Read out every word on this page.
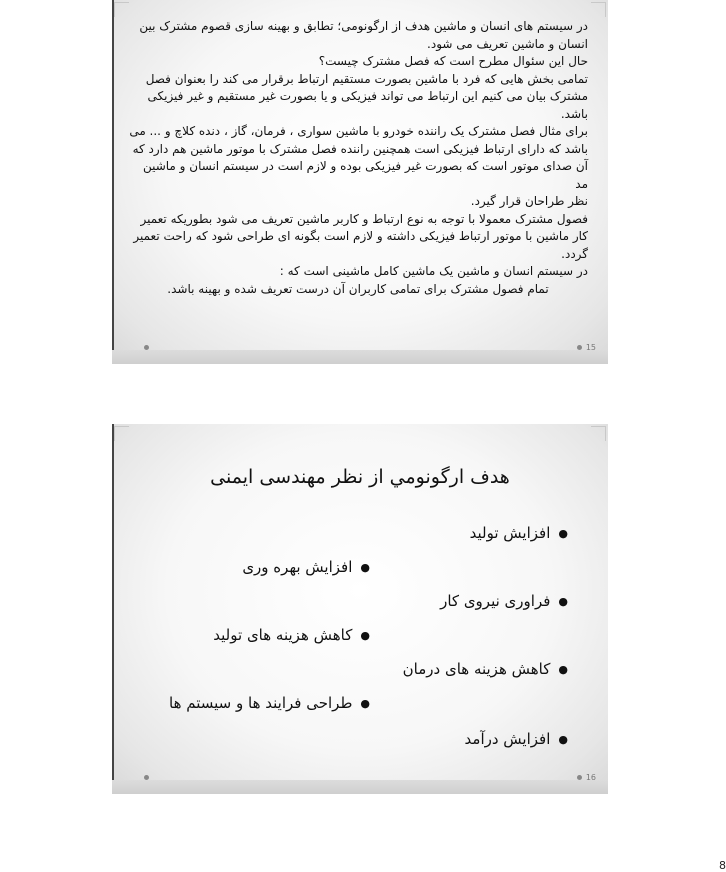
در سیستم های انسان و ماشین هدف از ارگونومی؛ تطابق و بهینه سازی قصوم مشترک بین

انسان و ماشین تعریف می شود.

حال این سئوال مطرح است که فصل مشترک چیست؟

تمامی بخش هایی که فرد با ماشین بصورت مستقیم ارتباط برقرار می کند را بعنوان فصل

مشترک بیان می کنیم این ارتباط می تواند فیزیکی و یا بصورت غیر مستقیم و غیر فیزیکی

باشد.

برای مثال فصل مشترک یک راننده خودرو با ماشین سواری ، فرمان، گاز ، دنده کلاچ و ... می

باشد که دارای ارتباط فیزیکی است همچنین راننده فصل مشترک با موتور ماشین هم دارد که

آن صدای موتور است که بصورت غیر فیزیکی بوده و لازم است در سیستم انسان و ماشین مد

نظر طراحان قرار گیرد.

فصول مشترک معمولا با توجه به نوع ارتباط و کاربر ماشین تعریف می شود بطوریکه تعمیر

کار ماشین با موتور ارتباط فیزیکی داشته و لازم است بگونه ای طراحی شود که راحت تعمیر

گردد.

در سیستم انسان و ماشین یک ماشین کامل ماشینی است که :

تمام فصول مشترک برای تمامی کاربران آن درست تعریف شده و بهینه باشد.

15
هدف ارگونومي از نظر مهندسی ایمنی
●افزایش تولید
●افزایش بهره وری
●فراوری نیروی کار
●کاهش هزینه های تولید
●کاهش هزینه های درمان
●طراحی فرایند ها و سیستم ها
●افزایش درآمد
16
8
